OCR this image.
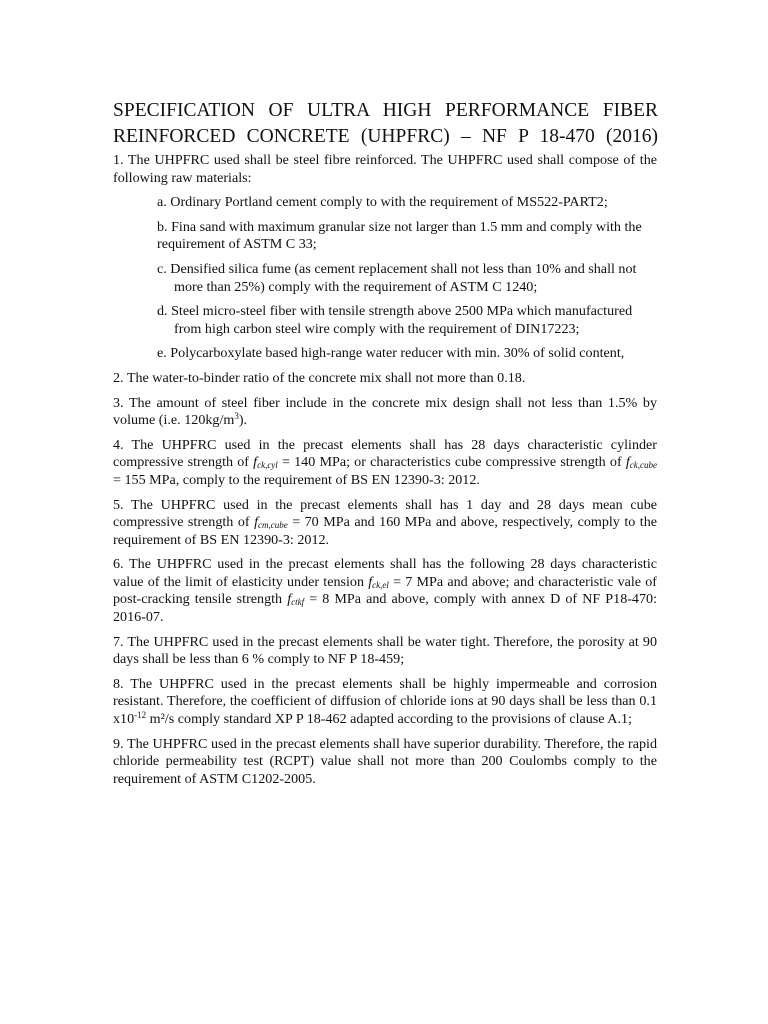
SPECIFICATION OF ULTRA HIGH PERFORMANCE FIBER
REINFORCED CONCRETE (UHPFRC) – NF P 18-470 (2016)

1. The UHPFRC used shall be steel fibre reinforced. The UHPFRC used shall compose of the following raw materials:

a. Ordinary Portland cement comply to with the requirement of MS522-PART2;

b. Fina sand with maximum granular size not larger than 1.5 mm and comply with the requirement of ASTM C 33;

c. Densified silica fume (as cement replacement shall not less than 10% and shall not more than 25%) comply with the requirement of ASTM C 1240;

d. Steel micro-steel fiber with tensile strength above 2500 MPa which manufactured from high carbon steel wire comply with the requirement of DIN17223;

e. Polycarboxylate based high-range water reducer with min. 30% of solid content,

2. The water-to-binder ratio of the concrete mix shall not more than 0.18.

3. The amount of steel fiber include in the concrete mix design shall not less than 1.5% by volume (i.e. $120kg/m^3$).

4. The UHPFRC used in the precast elements shall has 28 days characteristic cylinder compressive strength of $f_{ck,cyl} = 140$ MPa; or characteristics cube compressive strength of $f_{ck,cube} = 155$ MPa, comply to the requirement of BS EN 12390-3: 2012.

5. The UHPFRC used in the precast elements shall has 1 day and 28 days mean cube compressive strength of $f_{cm,cube} = 70$ MPa and 160 MPa and above, respectively, comply to the requirement of BS EN 12390-3: 2012.

6. The UHPFRC used in the precast elements shall has the following 28 days characteristic value of the limit of elasticity under tension $f_{ck,el} = 7$ MPa and above; and characteristic vale of post-cracking tensile strength $f_{ctkf} = 8$ MPa and above, comply with annex D of NF P18-470: 2016-07.

7. The UHPFRC used in the precast elements shall be water tight. Therefore, the porosity at 90 days shall be less than 6 % comply to NF P 18-459;

8. The UHPFRC used in the precast elements shall be highly impermeable and corrosion resistant. Therefore, the coefficient of diffusion of chloride ions at 90 days shall be less than 0.1 $x10^{-12}$ m²/s comply standard XP P 18-462 adapted according to the provisions of clause A.1;

9. The UHPFRC used in the precast elements shall have superior durability. Therefore, the rapid chloride permeability test (RCPT) value shall not more than 200 Coulombs comply to the requirement of ASTM C1202-2005.
